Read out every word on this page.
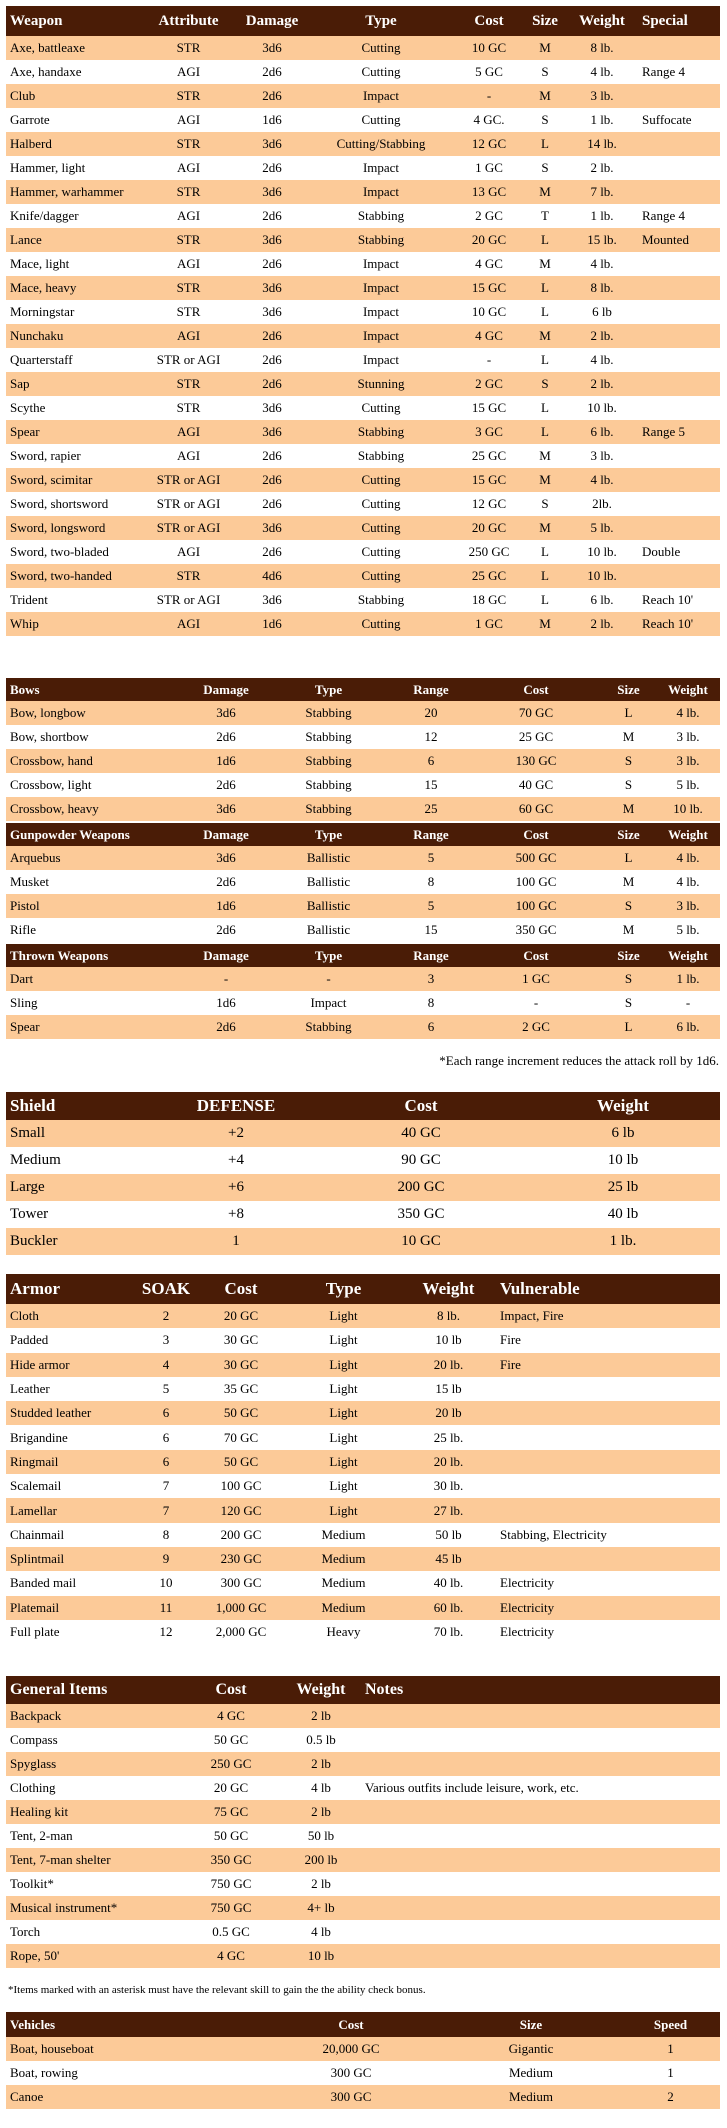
Weapon	Attribute	Damage	Type	Cost	Size	Weight	Special
Axe, battleaxe	STR	3d6	Cutting	10 GC	M	8 lb.	
Axe, handaxe	AGI	2d6	Cutting	5 GC	S	4 lb.	Range 4
Club	STR	2d6	Impact	-	M	3 lb.	
Garrote	AGI	1d6	Cutting	4 GC.	S	1 lb.	Suffocate
Halberd	STR	3d6	Cutting/Stabbing	12 GC	L	14 lb.	
Hammer, light	AGI	2d6	Impact	1 GC	S	2 lb.	
Hammer, warhammer	STR	3d6	Impact	13 GC	M	7 lb.	
Knife/dagger	AGI	2d6	Stabbing	2 GC	T	1 lb.	Range 4
Lance	STR	3d6	Stabbing	20 GC	L	15 lb.	Mounted
Mace, light	AGI	2d6	Impact	4 GC	M	4 lb.	
Mace, heavy	STR	3d6	Impact	15 GC	L	8 lb.	
Morningstar	STR	3d6	Impact	10 GC	L	6 lb	
Nunchaku	AGI	2d6	Impact	4 GC	M	2 lb.	
Quarterstaff	STR or AGI	2d6	Impact	-	L	4 lb.	
Sap	STR	2d6	Stunning	2 GC	S	2 lb.	
Scythe	STR	3d6	Cutting	15 GC	L	10 lb.	
Spear	AGI	3d6	Stabbing	3 GC	L	6 lb.	Range 5
Sword, rapier	AGI	2d6	Stabbing	25 GC	M	3 lb.	
Sword, scimitar	STR or AGI	2d6	Cutting	15 GC	M	4 lb.	
Sword, shortsword	STR or AGI	2d6	Cutting	12 GC	S	2lb.	
Sword, longsword	STR or AGI	3d6	Cutting	20 GC	M	5 lb.	
Sword, two-bladed	AGI	2d6	Cutting	250 GC	L	10 lb.	Double
Sword, two-handed	STR	4d6	Cutting	25 GC	L	10 lb.	
Trident	STR or AGI	3d6	Stabbing	18 GC	L	6 lb.	Reach 10'
Whip	AGI	1d6	Cutting	1 GC	M	2 lb.	Reach 10'
Bows	Damage	Type	Range	Cost	Size	Weight
Bow, longbow	3d6	Stabbing	20	70 GC	L	4 lb.
Bow, shortbow	2d6	Stabbing	12	25 GC	M	3 lb.
Crossbow, hand	1d6	Stabbing	6	130 GC	S	3 lb.
Crossbow, light	2d6	Stabbing	15	40 GC	S	5 lb.
Crossbow, heavy	3d6	Stabbing	25	60 GC	M	10 lb.
Gunpowder Weapons	Damage	Type	Range	Cost	Size	Weight
Arquebus	3d6	Ballistic	5	500 GC	L	4 lb.
Musket	2d6	Ballistic	8	100 GC	M	4 lb.
Pistol	1d6	Ballistic	5	100 GC	S	3 lb.
Rifle	2d6	Ballistic	15	350 GC	M	5 lb.
Thrown Weapons	Damage	Type	Range	Cost	Size	Weight
Dart	-	-	3	1 GC	S	1 lb.
Sling	1d6	Impact	8	-	S	-
Spear	2d6	Stabbing	6	2 GC	L	6 lb.

*Each range increment reduces the attack roll by 1d6.

Shield	DEFENSE	Cost	Weight
Small	+2	40 GC	6 lb
Medium	+4	90 GC	10 lb
Large	+6	200 GC	25 lb
Tower	+8	350 GC	40 lb
Buckler	1	10 GC	1 lb.
Armor	SOAK	Cost	Type	Weight	Vulnerable
Cloth	2	20 GC	Light	8 lb.	Impact, Fire
Padded	3	30 GC	Light	10 lb	Fire
Hide armor	4	30 GC	Light	20 lb.	Fire
Leather	5	35 GC	Light	15 lb	
Studded leather	6	50 GC	Light	20 lb	
Brigandine	6	70 GC	Light	25 lb.	
Ringmail	6	50 GC	Light	20 lb.	
Scalemail	7	100 GC	Light	30 lb.	
Lamellar	7	120 GC	Light	27 lb.	
Chainmail	8	200 GC	Medium	50 lb	Stabbing, Electricity
Splintmail	9	230 GC	Medium	45 lb	
Banded mail	10	300 GC	Medium	40 lb.	Electricity
Platemail	11	1,000 GC	Medium	60 lb.	Electricity
Full plate	12	2,000 GC	Heavy	70 lb.	Electricity
General Items	Cost	Weight	Notes
Backpack	4 GC	2 lb	
Compass	50 GC	0.5 lb	
Spyglass	250 GC	2 lb	
Clothing	20 GC	4 lb	Various outfits include leisure, work, etc.
Healing kit	75 GC	2 lb	
Tent, 2-man	50 GC	50 lb	
Tent, 7-man shelter	350 GC	200 lb	
Toolkit*	750 GC	2 lb	
Musical instrument*	750 GC	4+ lb	
Torch	0.5 GC	4 lb	
Rope, 50'	4 GC	10 lb	

*Items marked with an asterisk must have the relevant skill to gain the the ability check bonus.

Vehicles	Cost	Size	Speed
Boat, houseboat	20,000 GC	Gigantic	1
Boat, rowing	300 GC	Medium	1
Canoe	300 GC	Medium	2
